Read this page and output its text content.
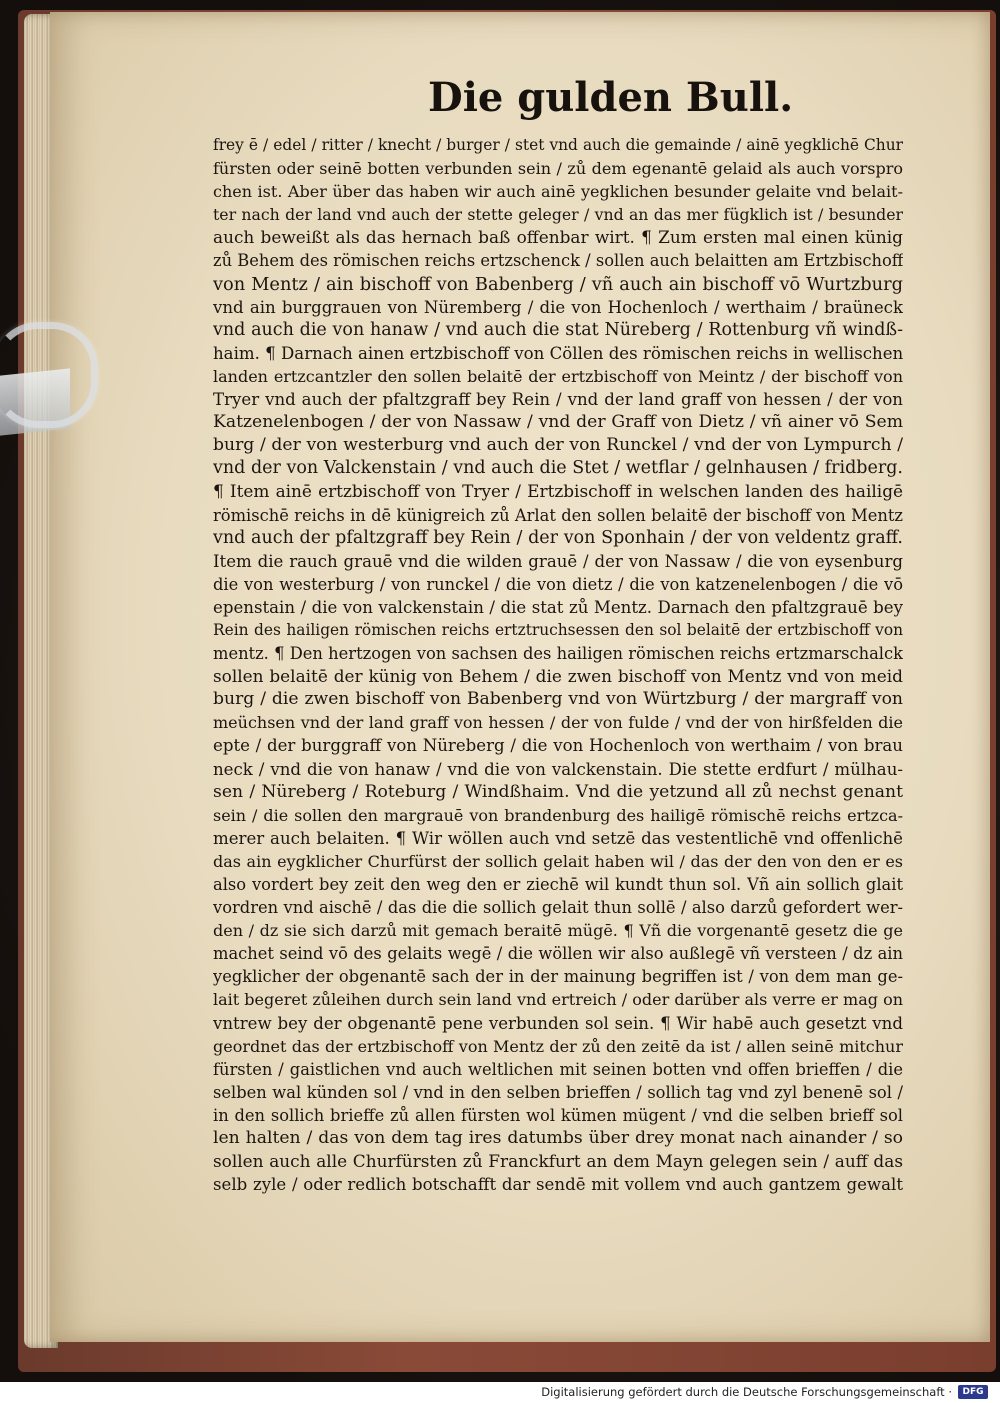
Die gulden Bull.
frey ē / edel / ritter / knecht / burger / stet vnd auch die gemainde / ainē yegklichē Chur
fürsten oder seinē botten verbunden sein / zů dem egenantē gelaid als auch vorspro
chen ist. Aber über das haben wir auch ainē yegklichen besunder gelaite vnd belait-
ter nach der land vnd auch der stette geleger / vnd an das mer fügklich ist / besunder
auch beweißt als das hernach baß offenbar wirt. ¶ Zum ersten mal einen künig
zů Behem des römischen reichs ertzschenck / sollen auch belaitten am Ertzbischoff
von Mentz / ain bischoff von Babenberg / vñ auch ain bischoff vō Wurtzburg
vnd ain burggrauen von Nüremberg / die von Hochenloch / werthaim / braüneck
vnd auch die von hanaw / vnd auch die stat Nüreberg / Rottenburg vñ windß-
haim. ¶ Darnach ainen ertzbischoff von Cöllen des römischen reichs in wellischen
landen ertzcantzler den sollen belaitē der ertzbischoff von Meintz / der bischoff von
Tryer vnd auch der pfaltzgraff bey Rein / vnd der land graff von hessen / der von
Katzenelenbogen / der von Nassaw / vnd der Graff von Dietz / vñ ainer vō Sem
burg / der von westerburg vnd auch der von Runckel / vnd der von Lympurch /
vnd der von Valckenstain / vnd auch die Stet / wetflar / gelnhausen / fridberg.
¶ Item ainē ertzbischoff von Tryer / Ertzbischoff in welschen landen des hailigē
römischē reichs in dē künigreich zů Arlat den sollen belaitē der bischoff von Mentz
vnd auch der pfaltzgraff bey Rein / der von Sponhain / der von veldentz graff.
Item die rauch grauē vnd die wilden grauē / der von Nassaw / die von eysenburg
die von westerburg / von runckel / die von dietz / die von katzenelenbogen / die vō
epenstain / die von valckenstain / die stat zů Mentz. Darnach den pfaltzgrauē bey
Rein des hailigen römischen reichs ertztruchsessen den sol belaitē der ertzbischoff von
mentz. ¶ Den hertzogen von sachsen des hailigen römischen reichs ertzmarschalck
sollen belaitē der künig von Behem / die zwen bischoff von Mentz vnd von meid
burg / die zwen bischoff von Babenberg vnd von Würtzburg / der margraff von
meüchsen vnd der land graff von hessen / der von fulde / vnd der von hirßfelden die
epte / der burggraff von Nüreberg / die von Hochenloch von werthaim / von brau
neck / vnd die von hanaw / vnd die von valckenstain. Die stette erdfurt / mülhau-
sen / Nüreberg / Roteburg / Windßhaim. Vnd die yetzund all zů nechst genant
sein / die sollen den margrauē von brandenburg des hailigē römischē reichs ertzca-
merer auch belaiten. ¶ Wir wöllen auch vnd setzē das vestentlichē vnd offenlichē
das ain eygklicher Churfürst der sollich gelait haben wil / das der den von den er es
also vordert bey zeit den weg den er ziechē wil kundt thun sol. Vñ ain sollich glait
vordren vnd aischē / das die die sollich gelait thun sollē / also darzů gefordert wer-
den / dz sie sich darzů mit gemach beraitē mügē. ¶ Vñ die vorgenantē gesetz die ge
machet seind vō des gelaits wegē / die wöllen wir also außlegē vñ versteen / dz ain
yegklicher der obgenantē sach der in der mainung begriffen ist / von dem man ge-
lait begeret zůleihen durch sein land vnd ertreich / oder darüber als verre er mag on
vntrew bey der obgenantē pene verbunden sol sein. ¶ Wir habē auch gesetzt vnd
geordnet das der ertzbischoff von Mentz der zů den zeitē da ist / allen seinē mitchur
fürsten / gaistlichen vnd auch weltlichen mit seinen botten vnd offen brieffen / die
selben wal künden sol / vnd in den selben brieffen / sollich tag vnd zyl benenē sol /
in den sollich brieffe zů allen fürsten wol kümen mügent / vnd die selben brieff sol
len halten / das von dem tag ires datumbs über drey monat nach ainander / so
sollen auch alle Churfürsten zů Franckfurt an dem Mayn gelegen sein / auff das
selb zyle / oder redlich botschafft dar sendē mit vollem vnd auch gantzem gewalt
Digitalisierung gefördert durch die Deutsche Forschungsgemeinschaft ·	DFG
